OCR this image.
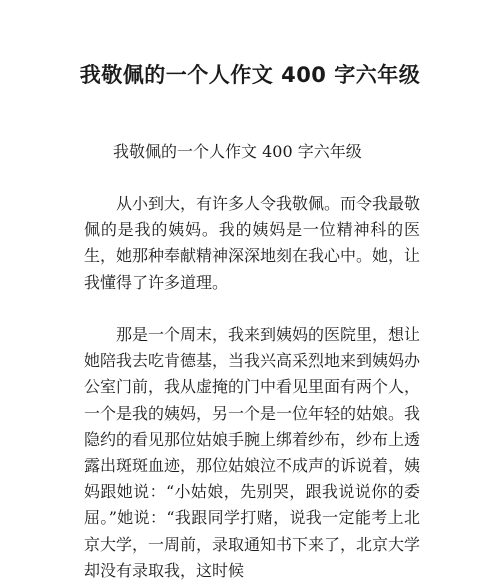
我敬佩的一个人作文 400 字六年级
我敬佩的一个人作文 400 字六年级

从小到大，有许多人令我敬佩。而令我最敬佩的是我的姨妈。我的姨妈是一位精神科的医生，她那种奉献精神深深地刻在我心中。她，让我懂得了许多道理。

那是一个周末，我来到姨妈的医院里，想让她陪我去吃肯德基，当我兴高采烈地来到姨妈办公室门前，我从虚掩的门中看见里面有两个人，一个是我的姨妈，另一个是一位年轻的姑娘。我隐约的看见那位姑娘手腕上绑着纱布，纱布上透露出斑斑血迹，那位姑娘泣不成声的诉说着，姨妈跟她说：“小姑娘，先别哭，跟我说说你的委屈。”她说：“我跟同学打赌，说我一定能考上北京大学，一周前，录取通知书下来了，北京大学却没有录取我，这时候
